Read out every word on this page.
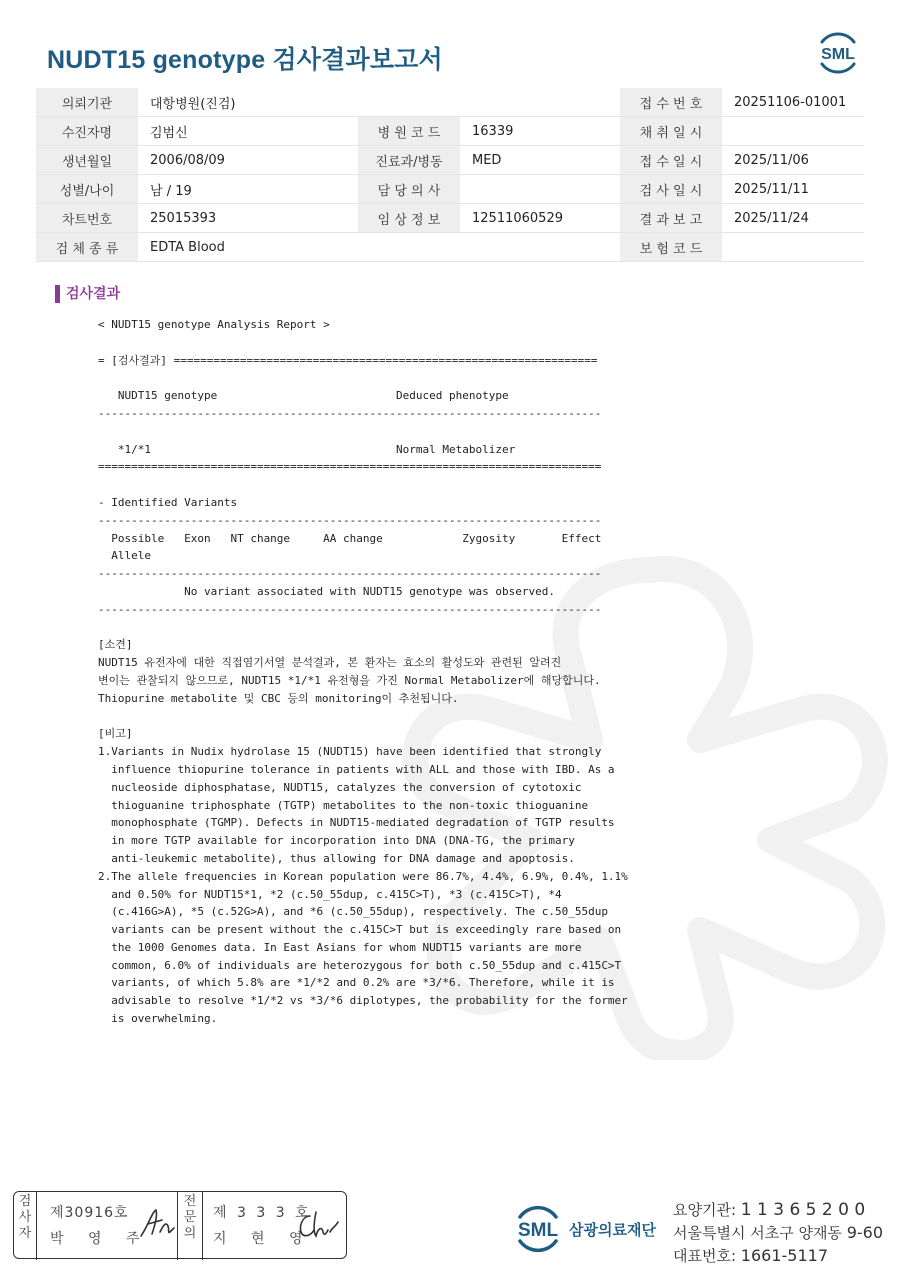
NUDT15 genotype 검사결과보고서	SML
의뢰기관	대항병원(진검)			접 수 번 호	20251106-01001
수진자명	김범신	병 원 코 드	16339	채 취 일 시	
생년월일	2006/08/09	진료과/병동	MED	접 수 일 시	2025/11/06
성별/나이	남 / 19	담 당 의 사		검 사 일 시	2025/11/11
차트번호	25015393	임 상 정 보	12511060529	결 과 보 고	2025/11/24
검 체 종 류	EDTA Blood			보 험 코 드	
검사결과
< NUDT15 genotype Analysis Report >

= [검사결과] ================================================================

NUDT15 genotype                           Deduced phenotype
----------------------------------------------------------------------------

*1/*1                                     Normal Metabolizer
============================================================================

- Identified Variants
----------------------------------------------------------------------------
Possible   Exon   NT change     AA change            Zygosity       Effect
Allele
----------------------------------------------------------------------------
No variant associated with NUDT15 genotype was observed.
----------------------------------------------------------------------------

[소견]
NUDT15 유전자에 대한 직접염기서열 분석결과, 본 환자는 효소의 활성도와 관련된 알려진
변이는 관찰되지 않으므로, NUDT15 *1/*1 유전형을 가진 Normal Metabolizer에 해당합니다.
Thiopurine metabolite 및 CBC 등의 monitoring이 추천됩니다.

[비고]
1.Variants in Nudix hydrolase 15 (NUDT15) have been identified that strongly
influence thiopurine tolerance in patients with ALL and those with IBD. As a
nucleoside diphosphatase, NUDT15, catalyzes the conversion of cytotoxic
thioguanine triphosphate (TGTP) metabolites to the non-toxic thioguanine
monophosphate (TGMP). Defects in NUDT15-mediated degradation of TGTP results
in more TGTP available for incorporation into DNA (DNA-TG, the primary
anti-leukemic metabolite), thus allowing for DNA damage and apoptosis.
2.The allele frequencies in Korean population were 86.7%, 4.4%, 6.9%, 0.4%, 1.1%
and 0.50% for NUDT15*1, *2 (c.50_55dup, c.415C>T), *3 (c.415C>T), *4
(c.416G>A), *5 (c.52G>A), and *6 (c.50_55dup), respectively. The c.50_55dup
variants can be present without the c.415C>T but is exceedingly rare based on
the 1000 Genomes data. In East Asians for whom NUDT15 variants are more
common, 6.0% of individuals are heterozygous for both c.50_55dup and c.415C>T
variants, of which 5.8% are *1/*2 and 0.2% are *3/*6. Therefore, while it is
advisable to resolve *1/*2 vs *3/*6 diplotypes, the probability for the former
is overwhelming.
검
사
자
제30916호
박 영 주
전
문
의
제 3 3 3 호
지 현 영	SML 삼광의료재단
요양기관: 1 1 3 6 5 2 0 0
서울특별시 서초구 양재동 9-60
대표번호: 1661-5117
